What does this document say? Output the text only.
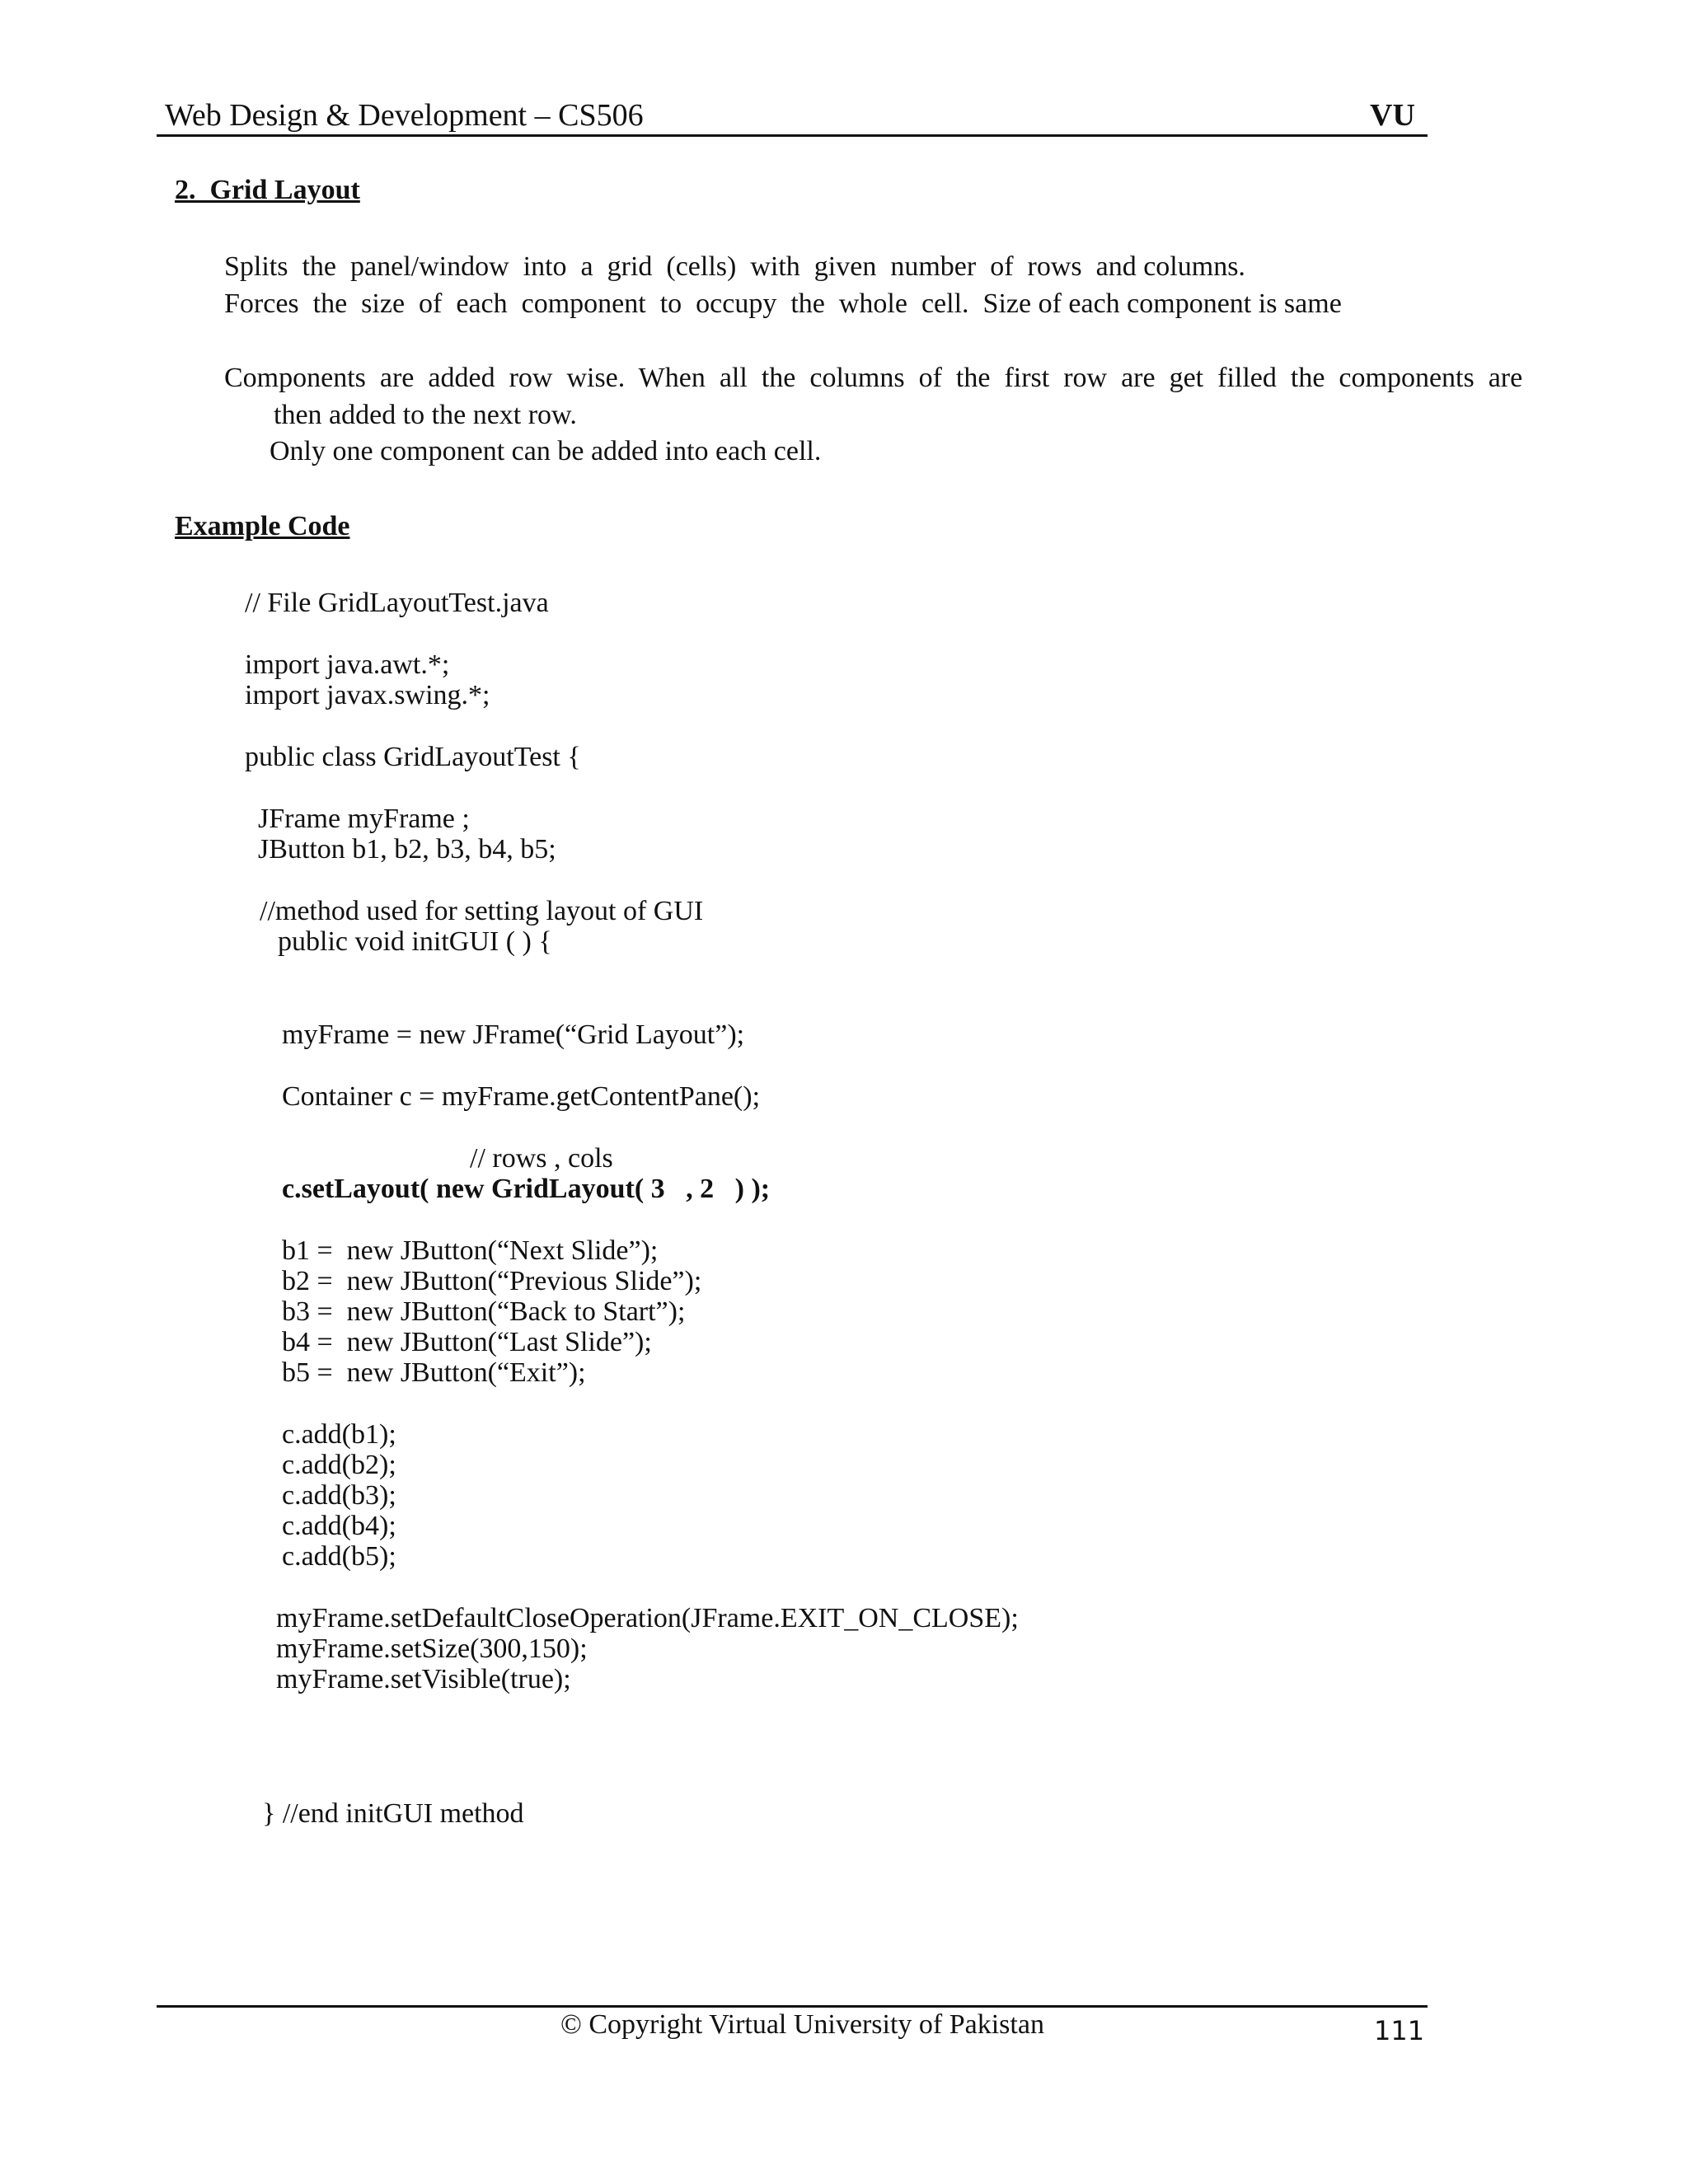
Web Design & Development – CS506	VU
2.  Grid Layout
Splits  the  panel/window  into  a  grid  (cells)  with  given  number  of  rows  and columns.
Forces  the  size  of  each  component  to  occupy  the  whole  cell.  Size of each component is same
Components  are  added  row  wise.  When  all  the  columns  of  the  first  row  are  get  filled  the  components  are
then added to the next row.
Only one component can be added into each cell.
Example Code
// File GridLayoutTest.java
import java.awt.*;
import javax.swing.*;
public class GridLayoutTest {
JFrame myFrame ;
JButton b1, b2, b3, b4, b5;
//method used for setting layout of GUI
public void initGUI ( ) {
myFrame = new JFrame(“Grid Layout”);
Container c = myFrame.getContentPane();
// rows , cols
c.setLayout( new GridLayout( 3   , 2   ) );
b1 =  new JButton(“Next Slide”);
b2 =  new JButton(“Previous Slide”);
b3 =  new JButton(“Back to Start”);
b4 =  new JButton(“Last Slide”);
b5 =  new JButton(“Exit”);
c.add(b1);
c.add(b2);
c.add(b3);
c.add(b4);
c.add(b5);
myFrame.setDefaultCloseOperation(JFrame.EXIT_ON_CLOSE);
myFrame.setSize(300,150);
myFrame.setVisible(true);
} //end initGUI method
© Copyright Virtual University of Pakistan	111
